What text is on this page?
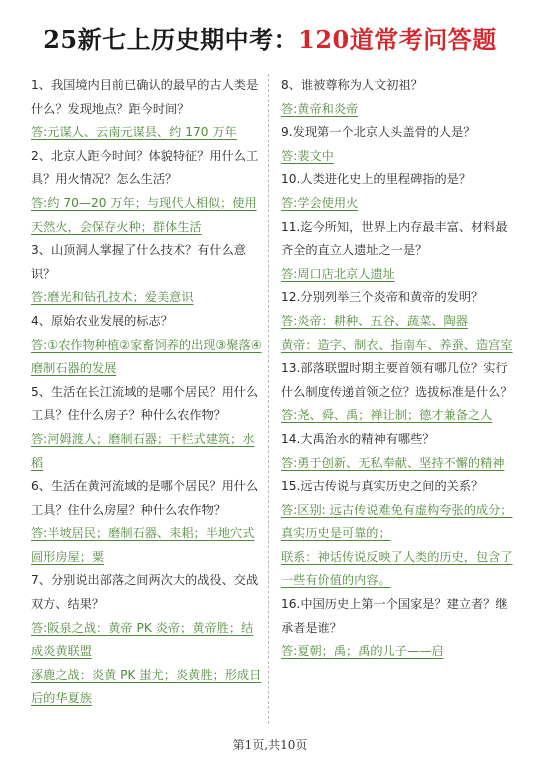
25新七上历史期中考：120道常考问答题

1、我国境内目前已确认的最早的古人类是什么？发现地点？距今时间？

答:元谋人、云南元谋县、约 170 万年

2、北京人距今时间？体貌特征？用什么工具？用火情况？怎么生活？

答:约 70—20 万年；与现代人相似；使用天然火，会保存火种；群体生活

3、山顶洞人掌握了什么技术？有什么意识？

答:磨光和钻孔技术；爱美意识

4、原始农业发展的标志？

答:①农作物种植②家畜饲养的出现③聚落④磨制石器的发展

5、生活在长江流域的是哪个居民？用什么工具？住什么房子？种什么农作物？

答:河姆渡人；磨制石器；干栏式建筑；水稻

6、生活在黄河流域的是哪个居民？用什么工具？住什么房屋？种什么农作物？

答:半坡居民；磨制石器、耒耜；半地穴式圆形房屋；粟

7、分别说出部落之间两次大的战役、交战双方、结果？

答:阪泉之战：黄帝 PK 炎帝；黄帝胜；结成炎黄联盟

涿鹿之战：炎黄 PK 蚩尤；炎黄胜；形成日后的华夏族

8、谁被尊称为人文初祖？

答:黄帝和炎帝

9.发现第一个北京人头盖骨的人是？

答:裴文中

10.人类进化史上的里程碑指的是？

答:学会使用火

11.迄今所知，世界上内存最丰富、材料最齐全的直立人遗址之一是？

答:周口店北京人遗址

12.分别列举三个炎帝和黄帝的发明？

答:炎帝：耕种、五谷、蔬菜、陶器

黄帝：造字、制衣、指南车、养蚕、造宫室

13.部落联盟时期主要首领有哪几位？实行什么制度传递首领之位？选拔标准是什么？

答:尧、舜、禹；禅让制；德才兼备之人

14.大禹治水的精神有哪些？

答:勇于创新、无私奉献、坚持不懈的精神

15.远古传说与真实历史之间的关系？

答:区别: 远古传说难免有虚构夸张的成分；真实历史是可靠的；

联系：神话传说反映了人类的历史，包含了一些有价值的内容。

16.中国历史上第一个国家是？建立者？继承者是谁？

答:夏朝；禹；禹的儿子——启

第1页,共10页
